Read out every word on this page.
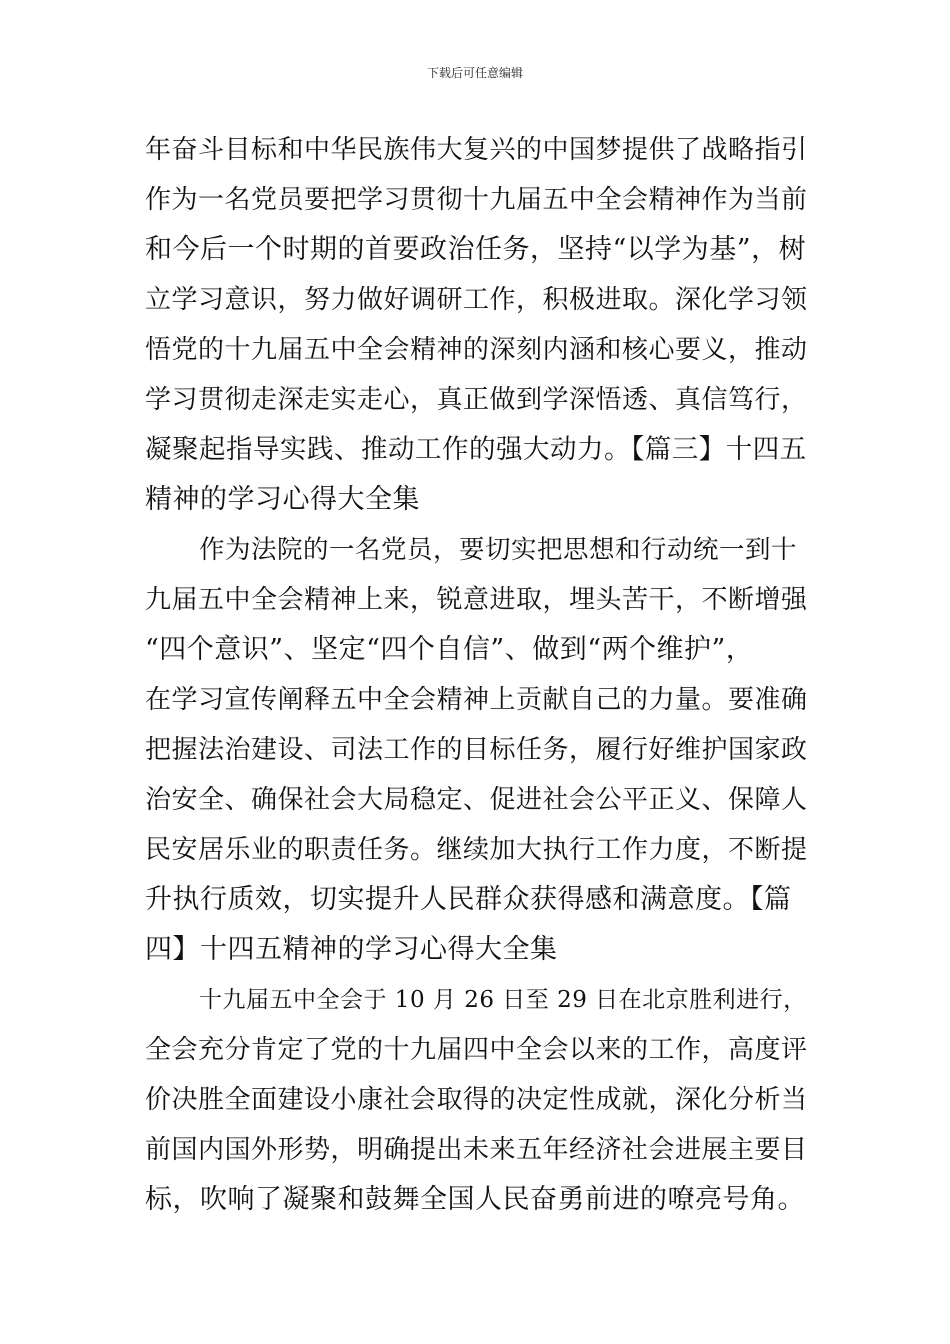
下载后可任意编辑
年奋斗目标和中华民族伟大复兴的中国梦提供了战略指引
作为一名党员要把学习贯彻十九届五中全会精神作为当前
和今后一个时期的首要政治任务，坚持“以学为基”，树
立学习意识，努力做好调研工作，积极进取。深化学习领
悟党的十九届五中全会精神的深刻内涵和核心要义，推动
学习贯彻走深走实走心，真正做到学深悟透、真信笃行，
凝聚起指导实践、推动工作的强大动力。【篇三】十四五
精神的学习心得大全集
作为法院的一名党员，要切实把思想和行动统一到十
九届五中全会精神上来，锐意进取，埋头苦干，不断增强
“四个意识”、坚定“四个自信”、做到“两个维护”，
在学习宣传阐释五中全会精神上贡献自己的力量。要准确
把握法治建设、司法工作的目标任务，履行好维护国家政
治安全、确保社会大局稳定、促进社会公平正义、保障人
民安居乐业的职责任务。继续加大执行工作力度，不断提
升执行质效，切实提升人民群众获得感和满意度。【篇
四】十四五精神的学习心得大全集
十九届五中全会于 10 月 26 日至 29 日在北京胜利进行，
全会充分肯定了党的十九届四中全会以来的工作，高度评
价决胜全面建设小康社会取得的决定性成就，深化分析当
前国内国外形势，明确提出未来五年经济社会进展主要目
标，吹响了凝聚和鼓舞全国人民奋勇前进的嘹亮号角。
